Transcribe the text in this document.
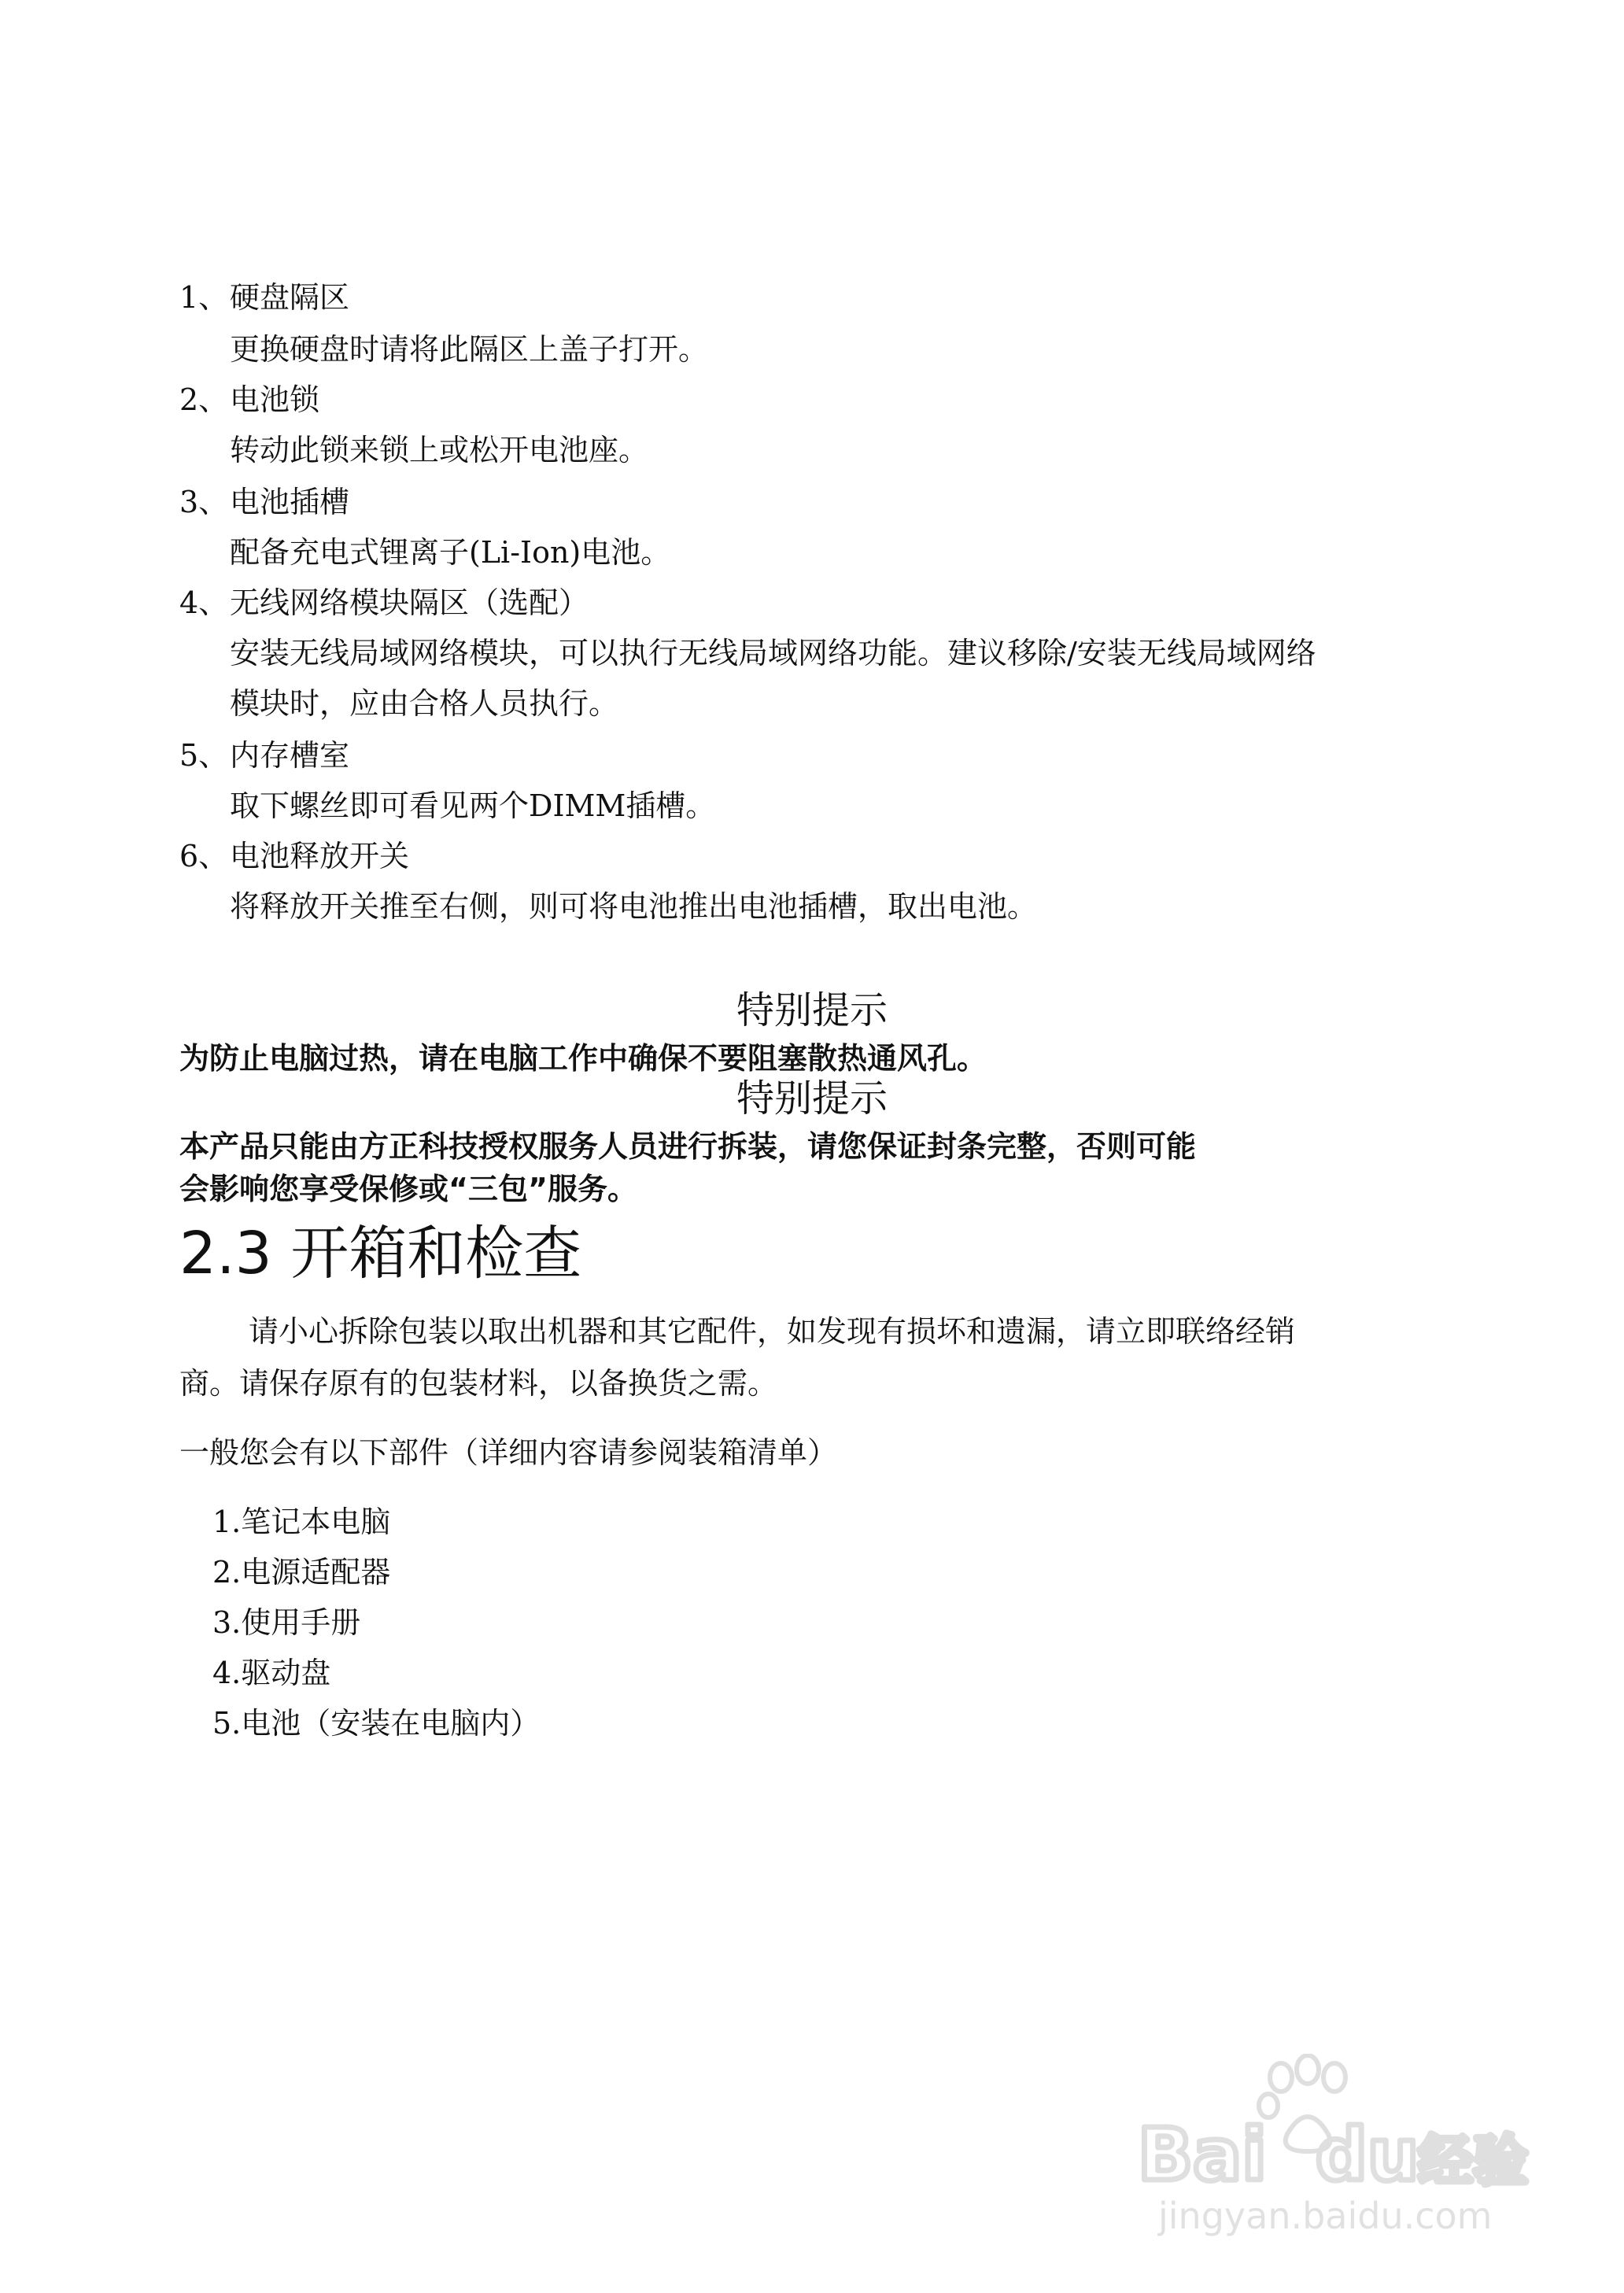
1、 硬盘隔区
更换硬盘时请将此隔区上盖子打开。
2、 电池锁
转动此锁来锁上或松开电池座。
3、 电池插槽
配备充电式锂离子(Li-Ion)电池。
4、 无线网络模块隔区（选配）
安装无线局域网络模块，可以执行无线局域网络功能。建议移除/安装无线局域网络
模块时，应由合格人员执行。
5、 内存槽室
取下螺丝即可看见两个DIMM插槽。
6、 电池释放开关
将释放开关推至右侧，则可将电池推出电池插槽，取出电池。
特别提示
为防止电脑过热，请在电脑工作中确保不要阻塞散热通风孔。
特别提示
本产品只能由方正科技授权服务人员进行拆装，请您保证封条完整，否则可能
会影响您享受保修或“三包”服务。
2.3 开箱和检查
请小心拆除包装以取出机器和其它配件，如发现有损坏和遗漏，请立即联络经销
商。请保存原有的包装材料，以备换货之需。
一般您会有以下部件（详细内容请参阅装箱清单）
1.笔记本电脑
2.电源适配器
3.使用手册
4.驱动盘
5.电池（安装在电脑内）
Bai du
经验
jingyan.baidu.com
